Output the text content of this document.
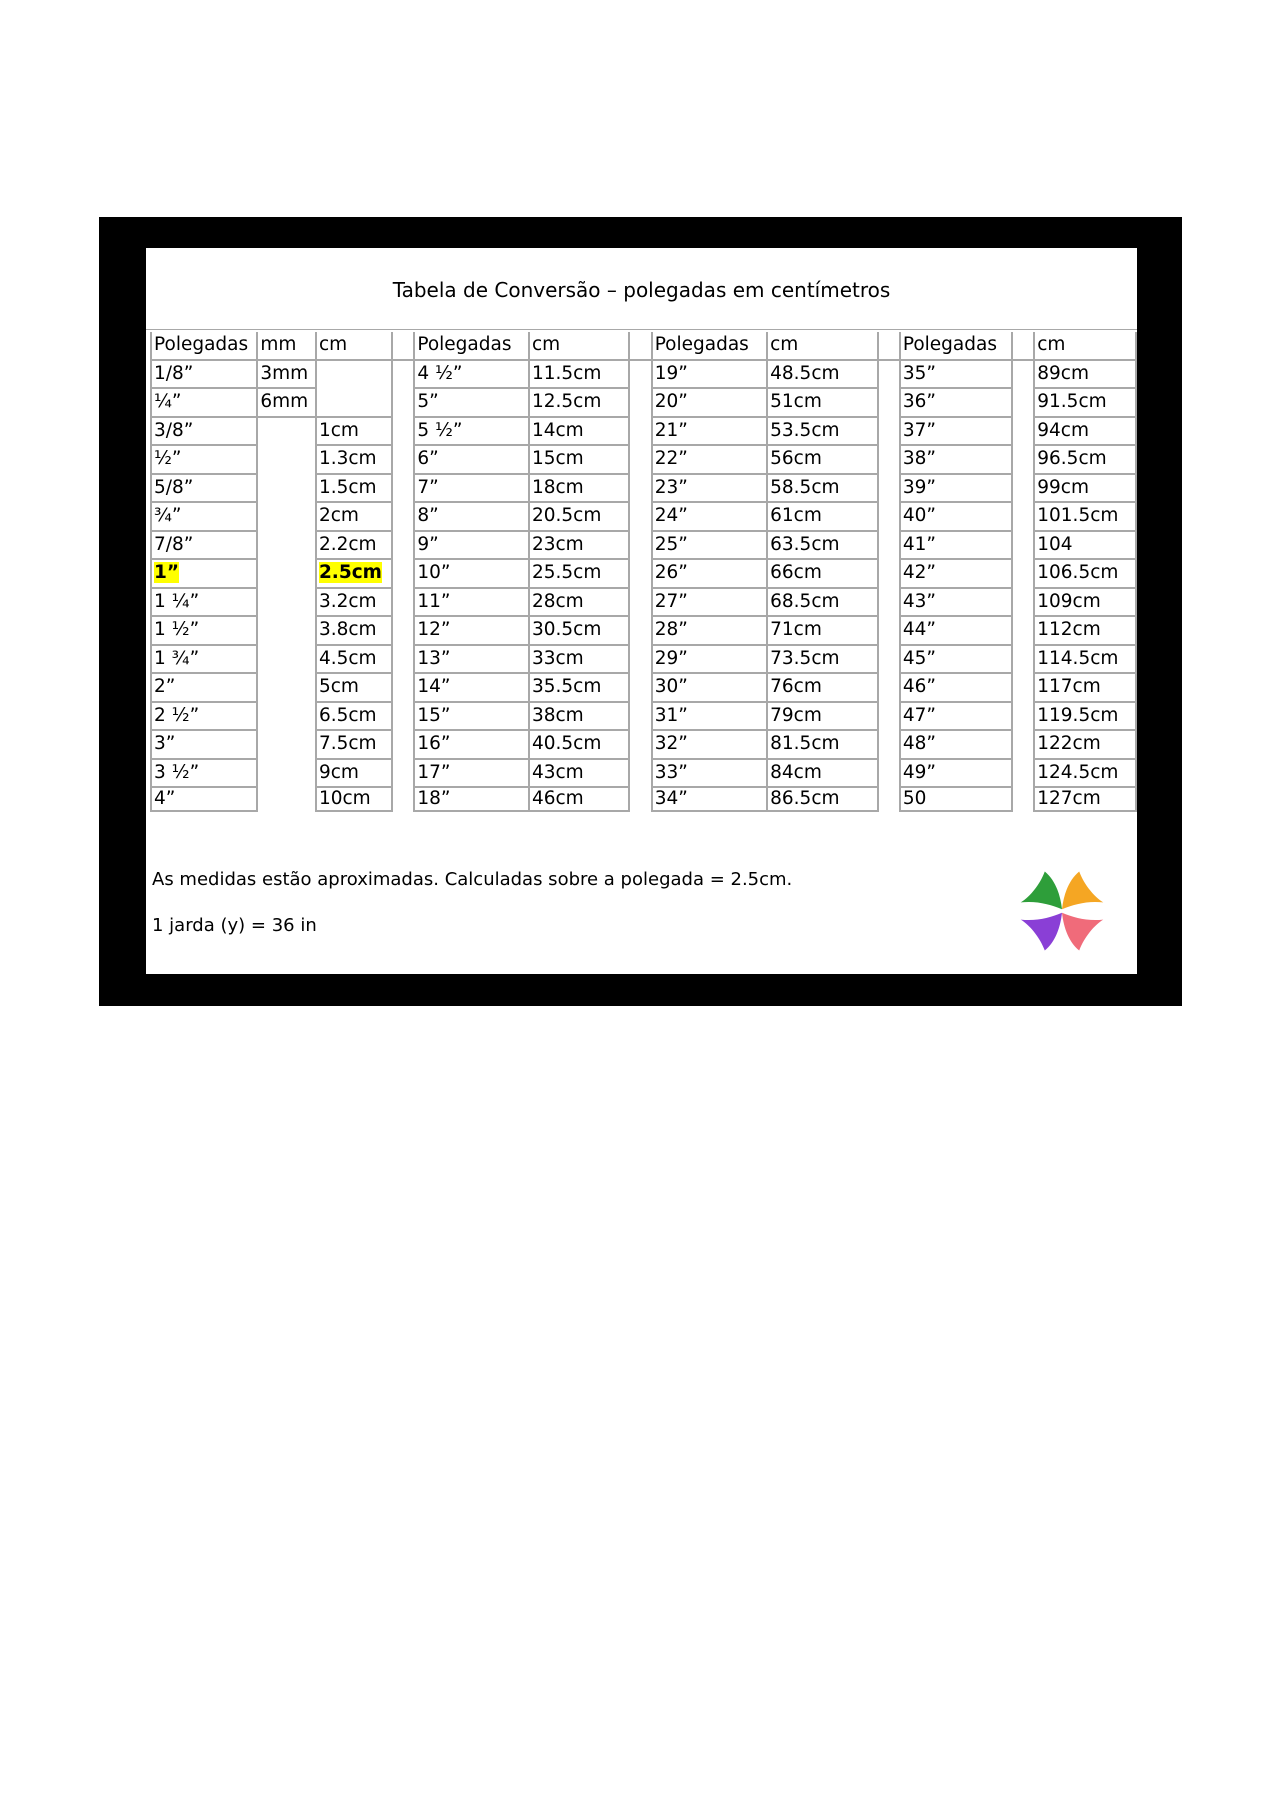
Tabela de Conversão – polegadas em centímetros
Polegadas	mm	cm		Polegadas	cm		Polegadas	cm		Polegadas		cm
1/8”	3mm			4 ½”	11.5cm		19”	48.5cm		35”		89cm
¼”	6mm			5”	12.5cm		20”	51cm		36”		91.5cm
3/8”		1cm		5 ½”	14cm		21”	53.5cm		37”		94cm
½”		1.3cm		6”	15cm		22”	56cm		38”		96.5cm
5/8”		1.5cm		7”	18cm		23”	58.5cm		39”		99cm
¾”		2cm		8”	20.5cm		24”	61cm		40”		101.5cm
7/8”		2.2cm		9”	23cm		25”	63.5cm		41”		104
1”		2.5cm		10”	25.5cm		26”	66cm		42”		106.5cm
1 ¼”		3.2cm		11”	28cm		27”	68.5cm		43”		109cm
1 ½”		3.8cm		12”	30.5cm		28”	71cm		44”		112cm
1 ¾”		4.5cm		13”	33cm		29”	73.5cm		45”		114.5cm
2”		5cm		14”	35.5cm		30”	76cm		46”		117cm
2 ½”		6.5cm		15”	38cm		31”	79cm		47”		119.5cm
3”		7.5cm		16”	40.5cm		32”	81.5cm		48”		122cm
3 ½”		9cm		17”	43cm		33”	84cm		49”		124.5cm
4”		10cm		18”	46cm		34”	86.5cm		50		127cm
As medidas estão aproximadas. Calculadas sobre a polegada = 2.5cm.
1 jarda (y) = 36 in
